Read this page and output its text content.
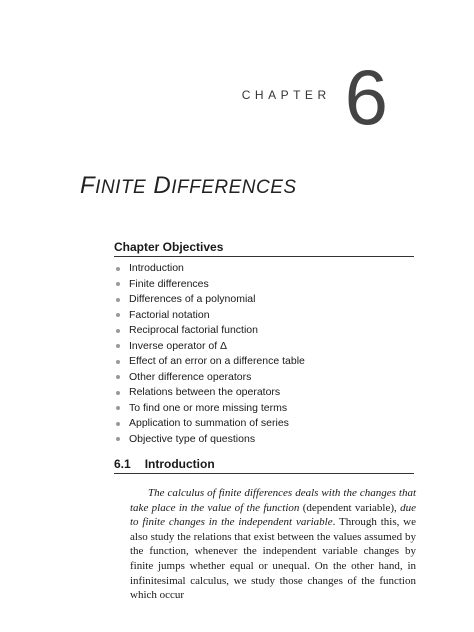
CHAPTER 6
FINITE DIFFERENCES
Chapter Objectives
Introduction
Finite differences
Differences of a polynomial
Factorial notation
Reciprocal factorial function
Inverse operator of Δ
Effect of an error on a difference table
Other difference operators
Relations between the operators
To find one or more missing terms
Application to summation of series
Objective type of questions
6.1 Introduction

The calculus of finite differences deals with the changes that take place in the value of the function (dependent variable), due to finite changes in the independent variable. Through this, we also study the relations that exist between the values assumed by the function, whenever the independent variable changes by finite jumps whether equal or unequal. On the other hand, in infinitesimal calculus, we study those changes of the function which occur
